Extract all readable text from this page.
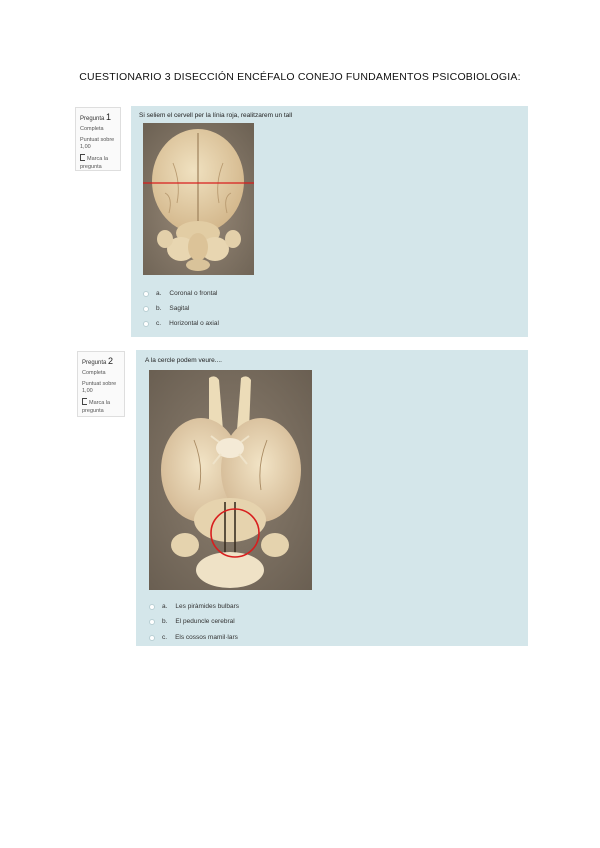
CUESTIONARIO 3 DISECCIÓN ENCÉFALO CONEJO FUNDAMENTOS PSICOBIOLOGIA:
Pregunta 1
Completa
Puntuat sobre 1,00
Marca la pregunta
Si seliem el cervell per la línia roja, realitzarem un tall
a. Coronal o frontal
b. Sagital
c. Horizontal o axial
Pregunta 2
Completa
Puntuat sobre 1,00
Marca la pregunta
A la cercle podem veure....
a. Les piràmides bulbars
b. El peduncle cerebral
c. Els cossos mamil·lars
